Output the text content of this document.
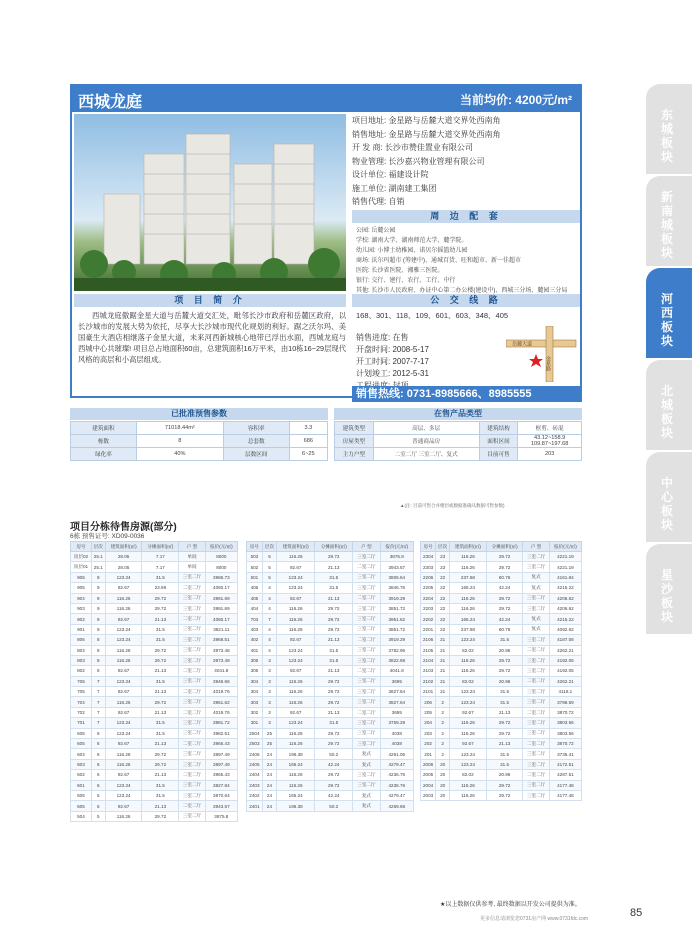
西城龙庭	当前均价: 4200元/m²
项目地址: 金星路与岳麓大道交界处西南角
销售地址: 金星路与岳麓大道交界处西南角
开 发 商: 长沙市赞佳置业有限公司
物业管理: 长沙嘉兴物业管理有限公司
设计单位: 福建设计院
施工单位: 湖南建工集团
销售代理: 自销
周 边 配 套
公园: 岳麓公园
学校: 湖南大学、湖南师范大学、麓学院。
幼儿园: 小博士幼稚园、诺贝尔摇篮幼儿园
商场: 沃尔玛超市 (筹建中)、通城百货、旺和超市、新一佳超市
医院: 长沙省医院、湘雅三医院。
银行: 交行、建行、农行、工行、中行
其他: 长沙市人民政府、办证中心第二办公楼(建设中)、西城三分场、麓园三分局
项 目 简 介
西城龙庭傲踞金星大道与岳麓大道交汇处，毗邻长沙市政府和岳麓区政府，以长沙城市的发展大势为依托，尽享大长沙城市现代化规划的利好。踞之沃尔玛、美国豪生大酒店相继落子金星大道，未来河西新城核心地带已浮出水面，西城龙庭与西城中心共璀璨! 项目总占地面积60亩，总建筑面积16万平米，由10栋16~29层现代风格的高层和小高层组成。
公 交 线 路
168、301、118、109、601、603、348、405
销售进度: 在售
开盘时间: 2008-5-17
开工时间: 2007-7-17
计划竣工: 2012-5-31
岳麓大道
金星路
销售热线: 0731-8985666、8985555
已批准预售参数
建筑面积	71018.44m²	容积率	3.3
栋数	8	总套数	686
绿化率	40%	层数区间	6~25
在售产品类型
建筑类型	高层、多层	建筑结构	框剪、砖混
房屋类型	普通商品房	面积区间	43.12~158.9
109.87~197.68
主力户型	二室二厅 三室二厅、复式	目前可售	203
▲(注: 目前可售合并楼层或数据准确从数据可售参数)
项目分栋待售房源(部分)
6栋 预售证号: XD09-0036
房号	层次	建筑面积(㎡)	分摊面积(㎡)	户 型	报价(元/㎡)
顶层02	25.1	28.05	7.17	单间	8000
顶层01	25.1	28.05	7.17	单间	8000
906	9	123.24	31.5	三室二厅	3986.73
905	9	92.67	23.69	二室二厅	4060.17
904	9	116.26	29.72	三室二厅	3991.69
903	9	116.26	29.72	三室二厅	3991.69
902	9	92.67	21.13	二室二厅	4060.17
901	9	123.24	31.5	三室二厅	3921.11
806	8	123.24	31.5	三室二厅	3968.51
804	8	116.26	29.72	三室二厅	3973.48
803	8	116.26	29.72	三室二厅	3973.48
802	8	92.67	21.13	二室二厅	4041.8
706	7	123.24	31.5	三室二厅	3946.66
705	7	92.67	21.13	二室二厅	4019.76
704	7	116.26	29.72	三室二厅	3951.62
702	7	92.67	21.13	二室二厅	4019.76
701	7	123.24	31.5	三室二厅	3881.72
606	6	123.24	31.5	三室二厅	3982.51
605	6	92.67	21.13	二室二厅	3965.43
604	6	116.26	29.72	三室二厅	3897.49
603	6	116.26	29.72	三室二厅	3897.49
602	6	92.67	21.13	二室二厅	3965.43
601	6	123.24	31.5	三室二厅	3827.84
506	5	123.24	31.5	三室二厅	3870.64
505	5	92.67	21.13	二室二厅	3943.57
504	5	116.26	29.72	三室二厅	3875.8
房号	层次	建筑面积(㎡)	分摊面积(㎡)	户 型	报价(元/㎡)
503	5	116.26	29.72	三室二厅	3875.8
502	5	92.67	21.13	二室二厅	3943.57
501	5	123.24	31.5	三室二厅	3806.64
406	4	123.24	31.5	三室二厅	3846.76
405	4	92.67	21.13	二室二厅	3919.29
404	4	116.26	29.72	三室二厅	3851.72
703	7	116.26	29.72	三室二厅	3951.62
403	4	116.26	29.72	三室二厅	3851.72
402	4	92.67	21.13	二室二厅	3919.29
401	4	123.24	31.5	三室二厅	3782.96
306	3	123.24	31.5	三室二厅	3822.68
305	3	92.67	21.13	二室二厅	4041.8
304	3	116.26	29.72	三室二厅	3695
304	3	116.26	29.72	三室二厅	3827.64
303	3	116.26	29.72	三室二厅	3827.64
302	3	92.67	21.13	二室二厅	3695
301	3	123.24	31.5	三室二厅	3759.29
2504	25	116.26	29.72	三室二厅	4038
2503	25	116.26	29.72	三室二厅	4038
2406	24	196.38	50.2	复式	4261.05
2405	24	165.24	42.24	复式	4279.47
2404	24	116.26	29.72	三室二厅	4236.76
2403	24	116.26	29.72	三室二厅	4236.76
2402	24	165.24	42.24	复式	4279.47
2401	24	196.38	50.2	复式	4269.68
房号	层次	建筑面积(㎡)	分摊面积(㎡)	户 型	报价(元/㎡)
2304	23	116.26	29.72	三室二厅	4221.19
2303	23	116.26	29.72	三室二厅	4221.19
2206	22	237.68	60.76	复式	4161.84
2205	22	165.24	42.24	复式	4215.22
2204	22	116.26	29.72	三室二厅	4206.62
2203	22	116.26	29.72	三室二厅	4206.62
2202	22	165.24	42.24	复式	4215.22
2201	22	237.68	60.76	复式	4092.62
2106	21	123.24	31.5	三室二厅	4187.08
2105	21	82.02	20.96	二室二厅	4262.21
2104	21	116.26	29.72	三室二厅	4192.05
2103	21	116.26	29.72	三室二厅	4192.05
2102	21	82.02	20.96	二室二厅	4262.21
2101	21	123.24	31.5	三室二厅	4118.1
206	2	123.24	31.5	三室二厅	3798.59
205	2	92.67	21.13	二室二厅	3870.72
204	2	116.26	29.72	三室二厅	3803.56
203	2	116.26	29.72	三室二厅	3803.56
202	2	92.67	21.13	二室二厅	3870.72
201	2	123.24	31.5	三室二厅	3735.41
2006	20	123.24	31.5	三室二厅	4172.51
2005	20	82.02	20.96	二室二厅	4287.51
2004	20	116.26	29.72	三室二厅	4177.48
2003	20	116.26	29.72	三室二厅	4177.48
★以上数据仅供参考, 最终数据以开发公司提供为准。
东城板块
新南城板块
河西板块
北城板块
中心板块
星沙板块
更多信息请浏览您0731房产网 www.0731fdc.com	85
